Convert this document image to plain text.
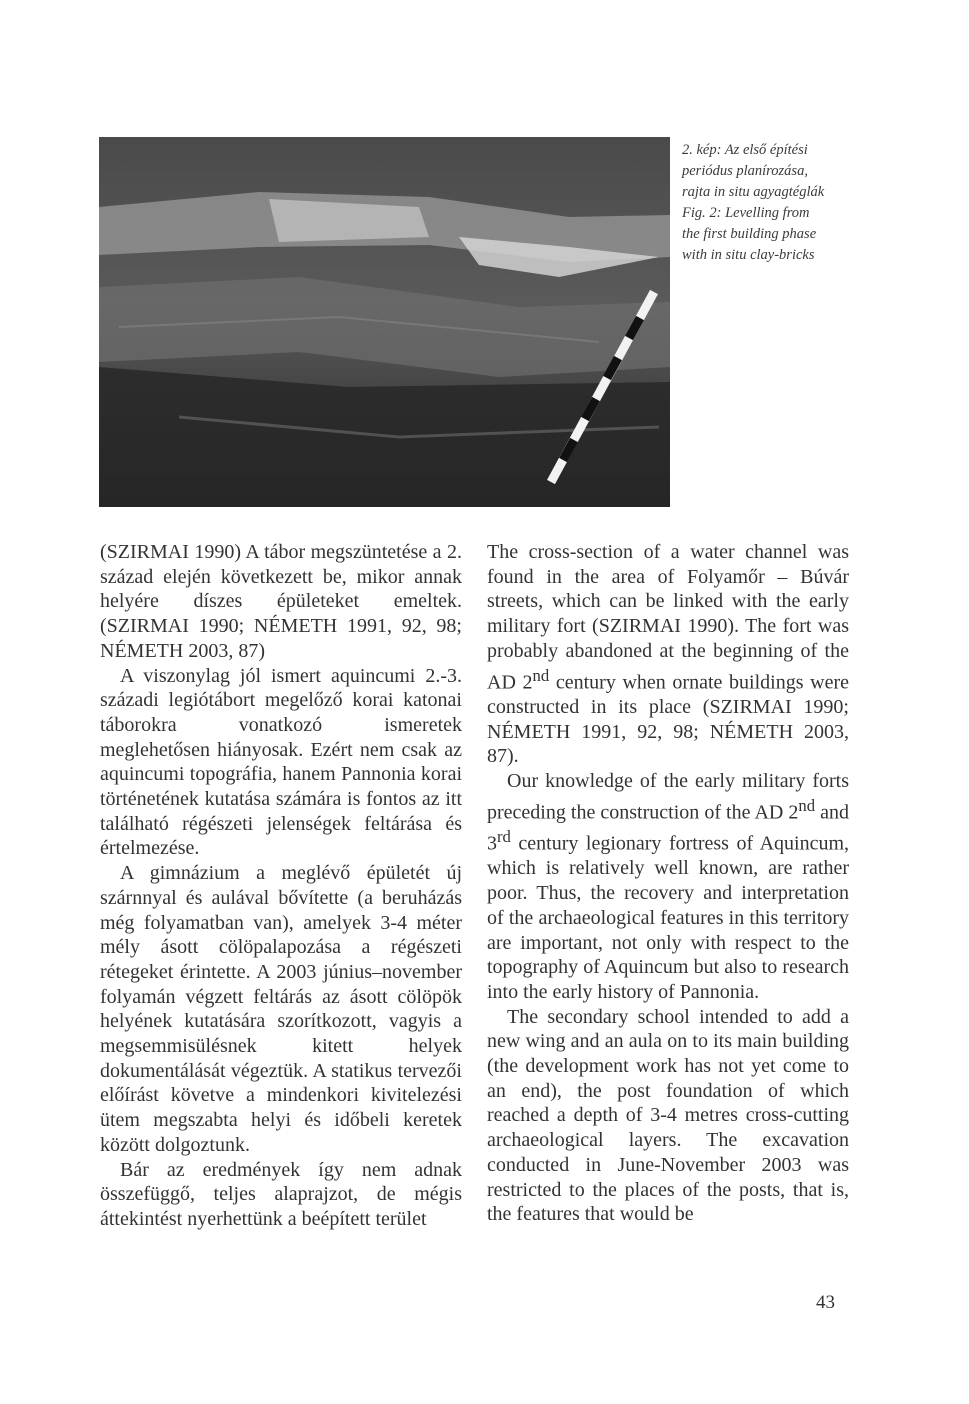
2. kép: Az első építési
periódus planírozása,
rajta in situ agyagtéglák
Fig. 2: Levelling from
the first building phase
with in situ clay-bricks

(SZIRMAI 1990) A tábor megszüntetése a 2. század elején következett be, mikor annak helyére díszes épületeket emeltek. (SZIRMAI 1990; NÉMETH 1991, 92, 98; NÉMETH 2003, 87)

A viszonylag jól ismert aquincumi 2.-3. századi legiótábort megelőző korai katonai táborokra vonatkozó ismeretek meglehetősen hiányosak. Ezért nem csak az aquincumi topográfia, hanem Pannonia korai történetének kutatása számára is fontos az itt található régészeti jelenségek feltárása és értelmezése.

A gimnázium a meglévő épületét új szárnnyal és aulával bővítette (a beruházás még folyamatban van), amelyek 3-4 méter mély ásott cölöpalapozása a régészeti rétegeket érintette. A 2003 június–november folyamán végzett feltárás az ásott cölöpök helyének kutatására szorítkozott, vagyis a megsemmisülésnek kitett helyek dokumentálását végeztük. A statikus tervezői előírást követve a mindenkori kivitelezési ütem megszabta helyi és időbeli keretek között dolgoztunk.

Bár az eredmények így nem adnak összefüggő, teljes alaprajzot, de mégis áttekintést nyerhettünk a beépített terület

The cross-section of a water channel was found in the area of Folyamőr – Búvár streets, which can be linked with the early military fort (SZIRMAI 1990). The fort was probably abandoned at the beginning of the AD 2nd century when ornate buildings were constructed in its place (SZIRMAI 1990; NÉMETH 1991, 92, 98; NÉMETH 2003, 87).

Our knowledge of the early military forts preceding the construction of the AD 2nd and 3rd century legionary fortress of Aquincum, which is relatively well known, are rather poor. Thus, the recovery and interpretation of the archaeological features in this territory are important, not only with respect to the topography of Aquincum but also to research into the early history of Pannonia.

The secondary school intended to add a new wing and an aula on to its main building (the development work has not yet come to an end), the post foundation of which reached a depth of 3-4 metres cross-cutting archaeological layers. The excavation conducted in June-November 2003 was restricted to the places of the posts, that is, the features that would be

43
